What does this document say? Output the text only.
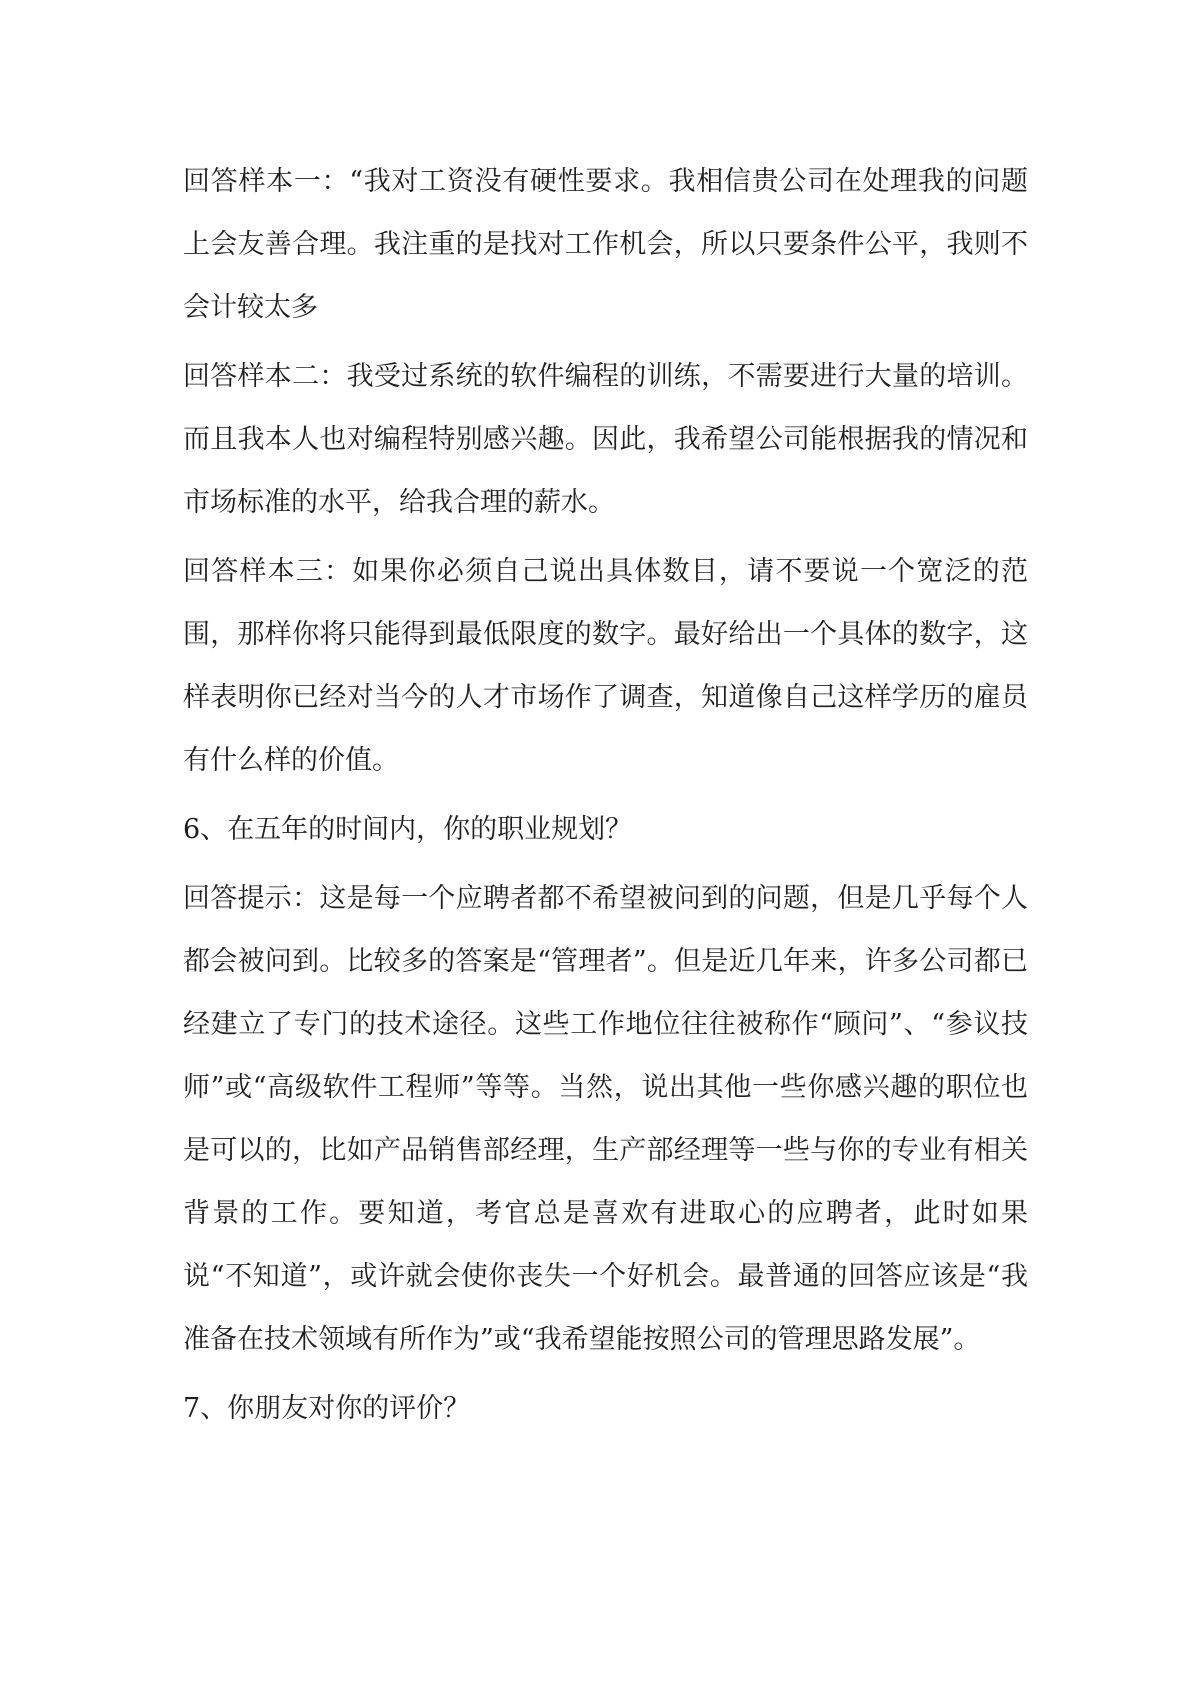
回答样本一：“我对工资没有硬性要求。我相信贵公司在处理我的问题上会友善合理。我注重的是找对工作机会，所以只要条件公平，我则不会计较太多

回答样本二：我受过系统的软件编程的训练，不需要进行大量的培训。而且我本人也对编程特别感兴趣。因此，我希望公司能根据我的情况和市场标准的水平，给我合理的薪水。

回答样本三：如果你必须自己说出具体数目，请不要说一个宽泛的范围，那样你将只能得到最低限度的数字。最好给出一个具体的数字，这样表明你已经对当今的人才市场作了调查，知道像自己这样学历的雇员有什么样的价值。

6、在五年的时间内，你的职业规划？

回答提示：这是每一个应聘者都不希望被问到的问题，但是几乎每个人都会被问到。比较多的答案是“管理者”。但是近几年来，许多公司都已经建立了专门的技术途径。这些工作地位往往被称作“顾问”、“参议技师”或“高级软件工程师”等等。当然，说出其他一些你感兴趣的职位也是可以的，比如产品销售部经理，生产部经理等一些与你的专业有相关背景的工作。要知道，考官总是喜欢有进取心的应聘者，此时如果说“不知道”，或许就会使你丧失一个好机会。最普通的回答应该是“我准备在技术领域有所作为”或“我希望能按照公司的管理思路发展”。

7、你朋友对你的评价？
